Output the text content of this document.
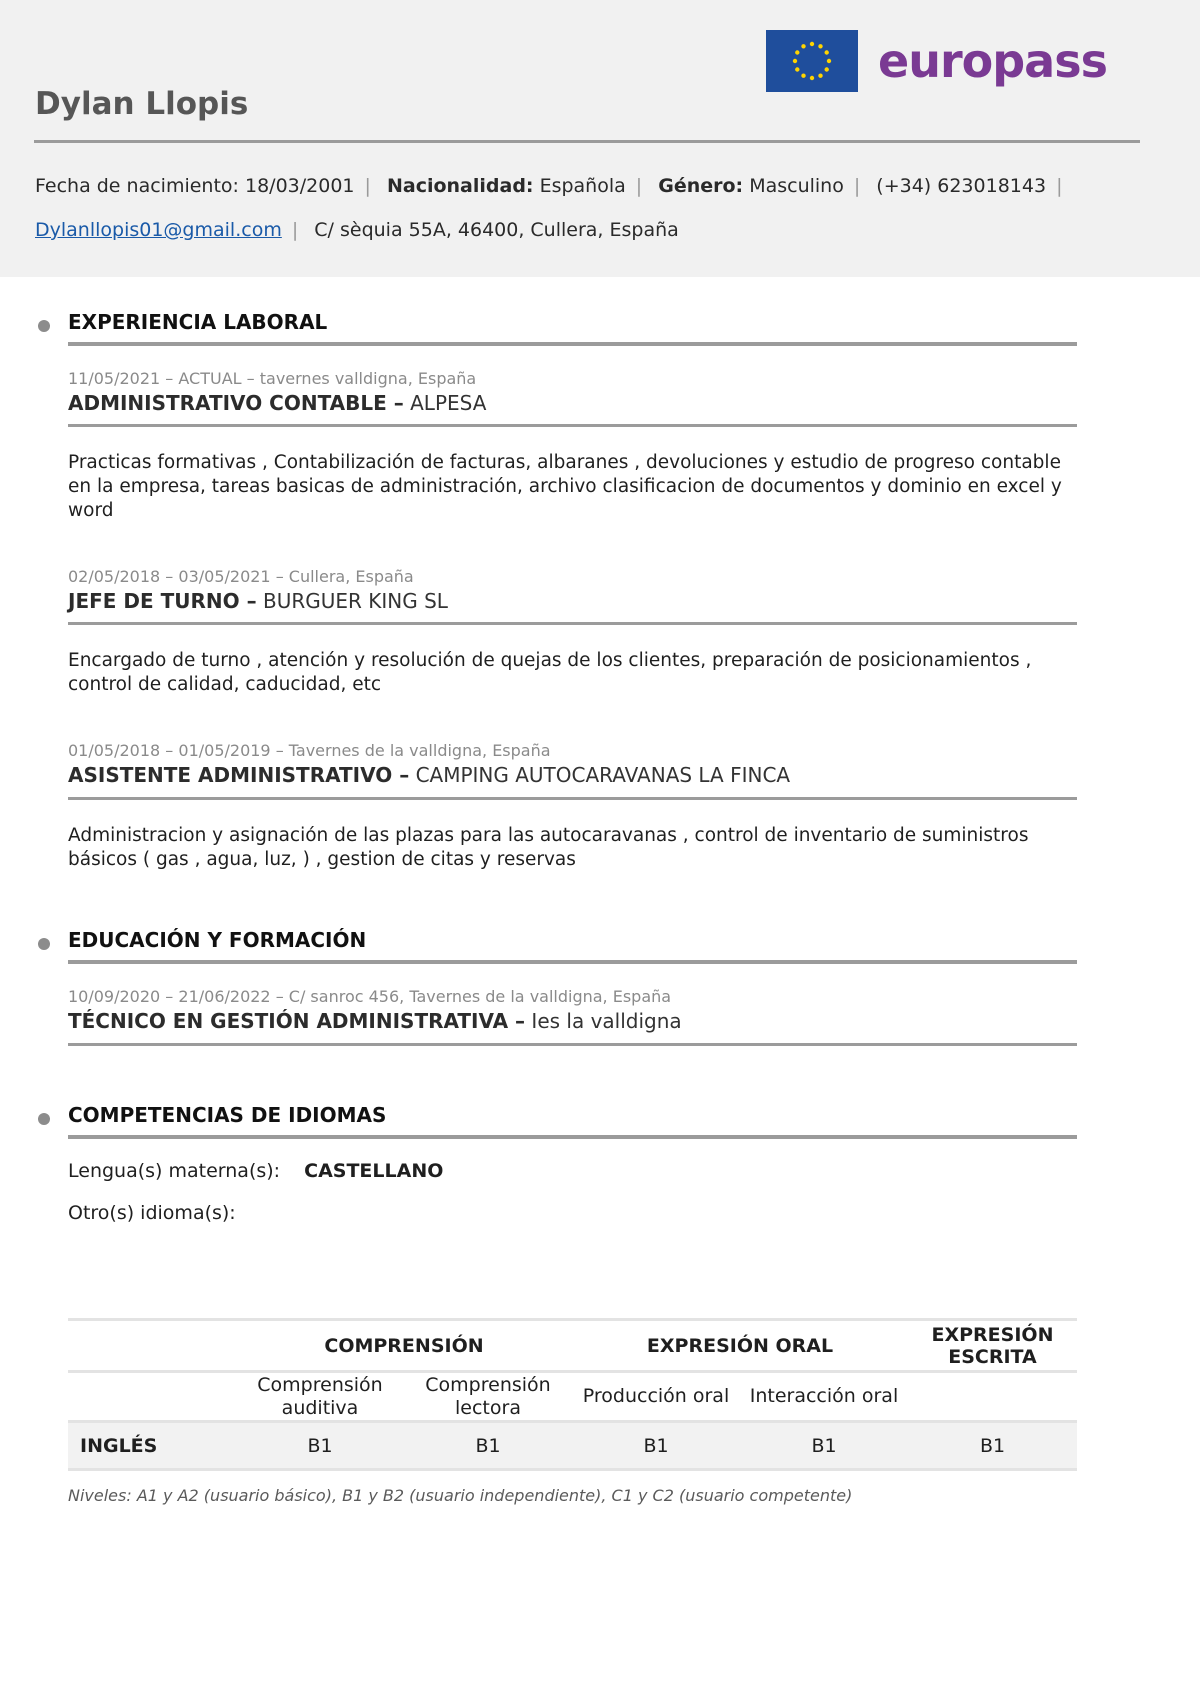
europass
Dylan Llopis
Fecha de nacimiento: 18/03/2001 | Nacionalidad: Española | Género: Masculino | (+34) 623018143 |
Dylanllopis01@gmail.com | C/ sèquia 55A, 46400, Cullera, España
EXPERIENCIA LABORAL
11/05/2021 – ACTUAL – tavernes valldigna, España
ADMINISTRATIVO CONTABLE – ALPESA
Practicas formativas , Contabilización de facturas, albaranes , devoluciones y estudio de progreso contable en la empresa, tareas basicas de administración, archivo clasificacion de documentos y dominio en excel y word
02/05/2018 – 03/05/2021 – Cullera, España
JEFE DE TURNO – BURGUER KING SL
Encargado de turno , atención y resolución de quejas de los clientes, preparación de posicionamientos , control de calidad, caducidad, etc
01/05/2018 – 01/05/2019 – Tavernes de la valldigna, España
ASISTENTE ADMINISTRATIVO – CAMPING AUTOCARAVANAS LA FINCA
Administracion y asignación de las plazas para las autocaravanas , control de inventario de suministros básicos ( gas , agua, luz, ) , gestion de citas y reservas
EDUCACIÓN Y FORMACIÓN
10/09/2020 – 21/06/2022 – C/ sanroc 456, Tavernes de la valldigna, España
TÉCNICO EN GESTIÓN ADMINISTRATIVA – Ies la valldigna
COMPETENCIAS DE IDIOMAS
Lengua(s) materna(s): CASTELLANO
Otro(s) idioma(s):
	COMPRENSIÓN		EXPRESIÓN ORAL		EXPRESIÓN ESCRITA
	Comprensión auditiva	Comprensión lectora	Producción oral	Interacción oral	
INGLÉS	B1	B1	B1	B1	B1
Niveles: A1 y A2 (usuario básico), B1 y B2 (usuario independiente), C1 y C2 (usuario competente)
